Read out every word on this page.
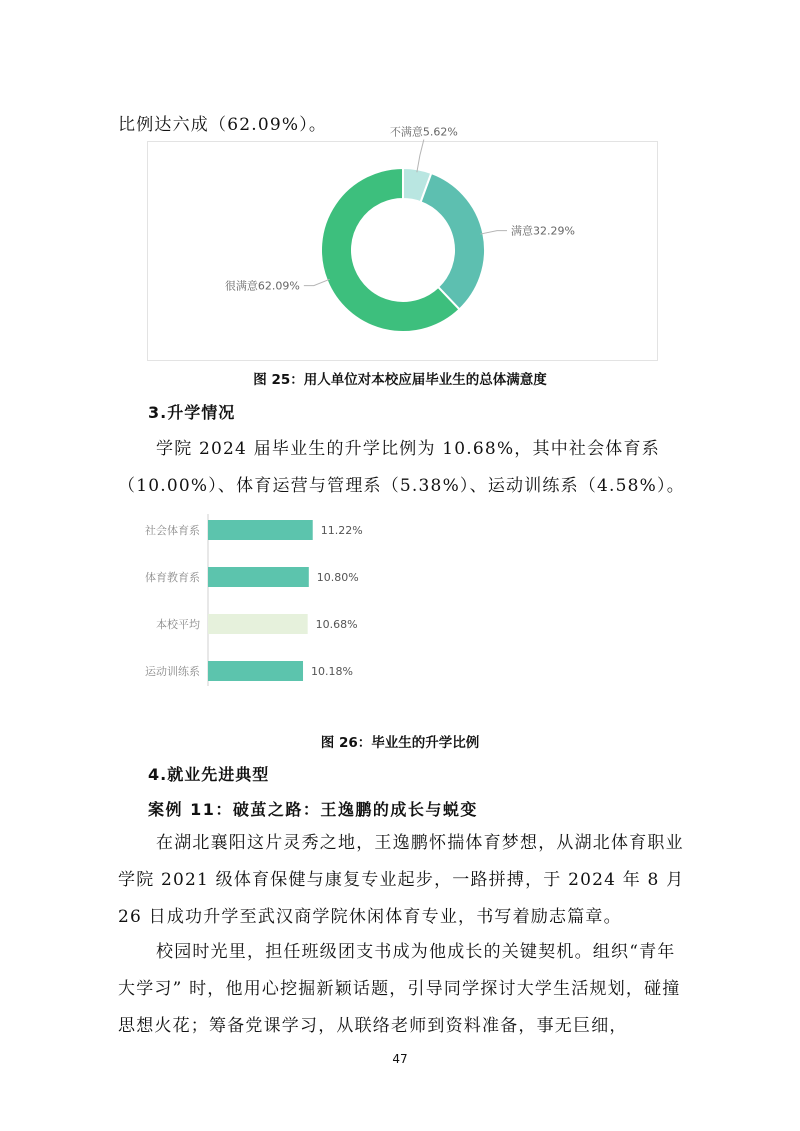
比例达六成（62.09%）。	不满意5.62%
满意32.29%
很满意62.09%
图 25：用人单位对本校应届毕业生的总体满意度
3.升学情况

学院 2024 届毕业生的升学比例为 10.68%，其中社会体育系（10.00%）、体育运营与管理系（5.38%）、运动训练系（4.58%）。

社会体育系	11.22%
体育教育系	10.80%
本校平均	10.68%
运动训练系	10.18%
图 26：毕业生的升学比例
4.就业先进典型
案例 11：破茧之路：王逸鹏的成长与蜕变

在湖北襄阳这片灵秀之地，王逸鹏怀揣体育梦想，从湖北体育职业学院 2021 级体育保健与康复专业起步，一路拼搏，于 2024 年 8 月 26 日成功升学至武汉商学院休闲体育专业，书写着励志篇章。

校园时光里，担任班级团支书成为他成长的关键契机。组织“青年大学习” 时，他用心挖掘新颖话题，引导同学探讨大学生活规划，碰撞思想火花；筹备党课学习，从联络老师到资料准备，事无巨细，

47
